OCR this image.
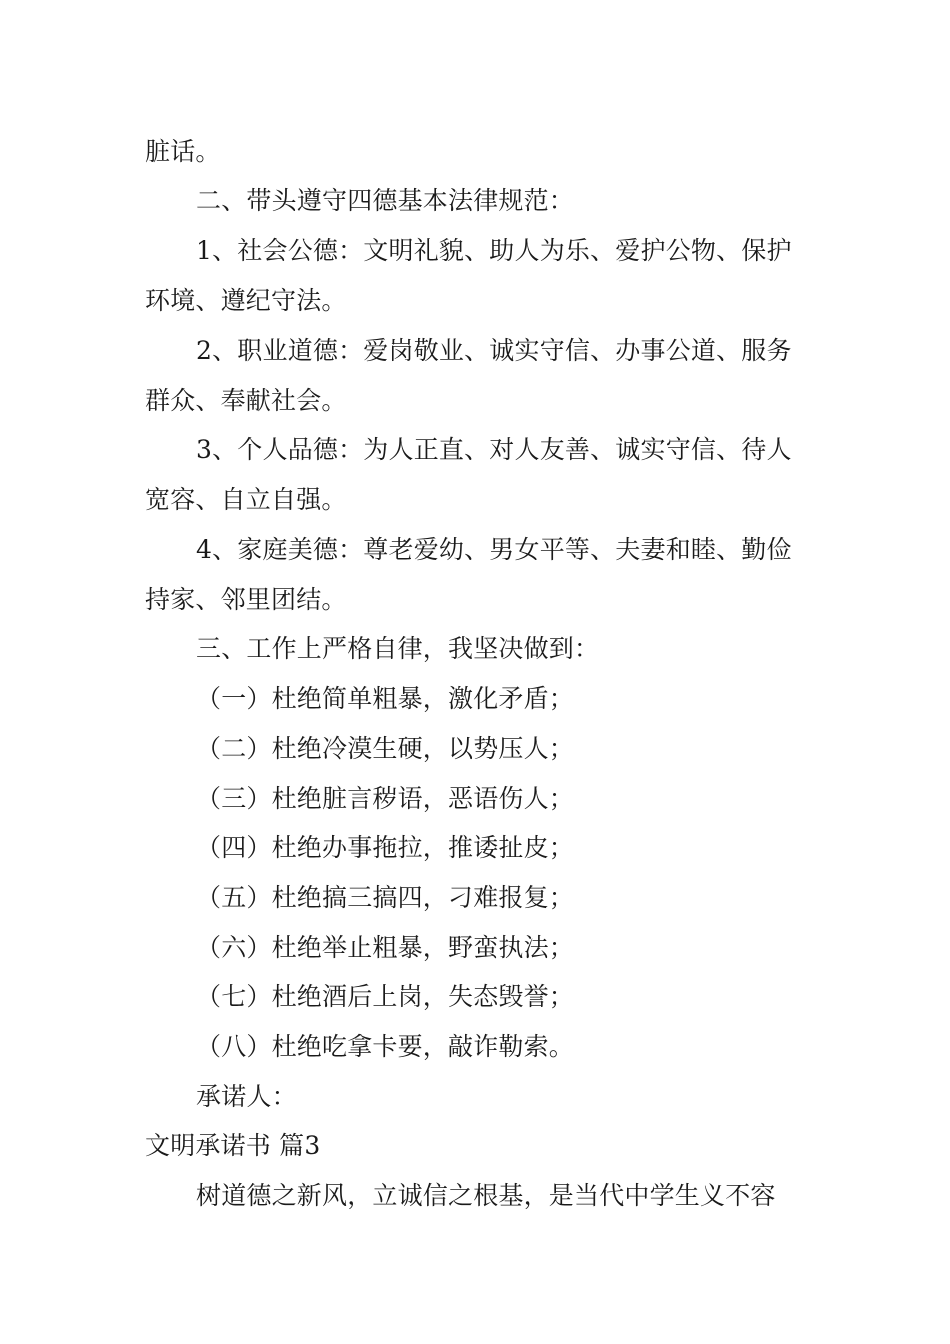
脏话。
二、带头遵守四德基本法律规范：
1、社会公德：文明礼貌、助人为乐、爱护公物、保护
环境、遵纪守法。
2、职业道德：爱岗敬业、诚实守信、办事公道、服务
群众、奉献社会。
3、个人品德：为人正直、对人友善、诚实守信、待人
宽容、自立自强。
4、家庭美德：尊老爱幼、男女平等、夫妻和睦、勤俭
持家、邻里团结。
三、工作上严格自律，我坚决做到：
（一）杜绝简单粗暴，激化矛盾；
（二）杜绝冷漠生硬，以势压人；
（三）杜绝脏言秽语，恶语伤人；
（四）杜绝办事拖拉，推诿扯皮；
（五）杜绝搞三搞四，刁难报复；
（六）杜绝举止粗暴，野蛮执法；
（七）杜绝酒后上岗，失态毁誉；
（八）杜绝吃拿卡要，敲诈勒索。
承诺人：
文明承诺书 篇3
树道德之新风，立诚信之根基，是当代中学生义不容
